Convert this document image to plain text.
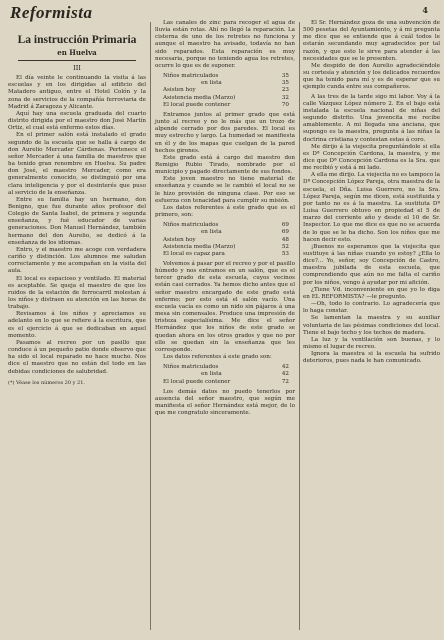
Reformista	4
La instrucción Primaria
en Huelva
III

El día veinte le continuando la visita á las escuelas y en los dirigidas al edificio del Matadero antiguo, entre el Hotel Colón y la zona de servicios de la compañía ferroviaria de Madrid á Zaragoza y Alicante.

Aquí hay una escuela graduada del cuarto distrito dirigida por el maestro don José Martín Ortiz, el cual está enfermo estos días.

En el primer salón está instalado el grado segundo de la escuela que se halla á cargo de don Aurelio Mercader Cárdenas. Pertenece el señor Mercader á una familia de maestros que ha tenido gran renombre en Huelva. Su padre don José, el maestro Mercader, como era generalmente conocido, se distinguió por una clara inteligencia y por el desinterés que puso al servicio de la enseñanza.

Entre su familia hay un hermano, don Benigno, que fue durante años profesor del Colegio de Santa Isabel, de primera y segunda enseñanza, y fué educador de varias generaciones. Don Manuel Hernández, también hermano del don Aurelio, se dedicó á la enseñanza de los idiomas.

Entro, y el maestro me acoge con verdadera cariño y distinción. Los alumnos me saludan correctamente y me acompañan en la visita del aula.

El local es espacioso y ventilado. El material es aceptable. Se queja el maestro de que los ruidos de la estación de ferrocarril molestan á los niños y distraen su atención en las horas de trabajo.

Revisamos á los niños y apreciamos su adelanto en lo que se refiere á la escritura, que es el ejercicio á que se dedicaban en aquel momento.

Pasamos al recreo por un pasillo que conduce á un pequeño patio donde observo que ha sido el local reparado no hace mucho. Nos dice el maestro que no están del todo en las debidas condiciones de salubridad.

(*) Véase los números 20 y 21.

Las canales de zinc para recoger el agua de lluvia están rotas. Ahí no llegó la reparación. La cisterna de uno de los retretes no funciona y aunque el maestro ha avisado, todavía no han sido reparados. Esta reparación es muy necesaria, porque no teniendo agua los retretes, ocurre lo que es de suponer.

Niños matriculados	35
en lista	35
Asisten hoy	23
Asistencia media (Marzo)	32
El local puede contener	70

Entramos juntos al primer grado que está junto al recreo y no le más que un trozo de alpende cerrado por dos paredes. El local es muy estrecho y largo. La humedad se manifiesta en él y de los mapas que cuelgan de la pared hechos girones.

Este grado está á cargo del maestro don Remigio Rubio Tirado, nombrado por el municipio y pagado directamente de sus fondos.

Este joven maestro no tiene material de enseñanza y cuando se le cambió el local no se le hizo provisión de ninguna clase. Por eso se esfuerza con tenacidad para cumplir su misión.

Los datos referentes á este grado que es el primero, son:

Niños matriculados	69
en lista	69
Asisten hoy	48
Asistencia media (Marzo)	52
El local es capaz para	53

Volvemos á pasar por el recreo y por el pasillo húmedo y nos entramos en un salón, que es el tercer grado de esta escuela, cuyos vecinos están casi cerrados. Ya hemos dicho antes que el señor maestro encargado de este grado está enfermo; por esto está el salón vacío. Una escuela vacía es como un nido sin pájaros á una mesa sin comensales. Produce una impresión de tristeza especialísima. Me dice el señor Hernández que los niños de este grado se quedan ahora en los otros grados y que no por ello se quedan sin la enseñanza que les corresponde.

Los datos referentes á este grado son:

Niños matriculados	42
en lista	42
El local puede contener	72

Los demás datos no puedo tenerlos por ausencia del señor maestro, que según me manifiesta el señor Hernández está mejor, de lo que me congratulo sinceramente.

El Sr. Hernández goza de una subvención de 500 pesetas del Ayuntamiento, y á mi pregunta me dice que se entiende que á cuál todos le estarán secundando muy agradecidos por tal razón, y que esto le sirve para atender á las necesidades que se le presenten.

Me despido de don Aurelio agradeciéndole su cortesía y atención y los delicados recuerdos que ha tenido para mí y es de esperar que su ejemplo cunda entre sus compañeros.

A las tres de la tarde sigo mi labor. Voy á la calle Vázquez López número 2. En el bajo está instalada la escuela nacional de niñas del segundo distrito. Una jovencita me recibe amablemente. A mi llegada una anciana, que supongo es la maestra, pregunta á las niñas la doctrina cristiana y contestan estas á coro.

Me dirijo á la viejecita preguntándole si ella es Dª Concepción Cardona, la maestra, y me dice que Dª Concepción Cardona es la Sra. que me recibió y está á mi lado.

A ella me dirijo. La viejecita no es tampoco la Dª Concepción López Pareja, otra maestra de la escuela, el Dña. Luisa Guerrero, no la Sra. López Pareja, según me dicen, está sustituida y por tanto no es á la maestra. La sustituta Dª Luisa Guerrero obtuvo en propiedad el 5 de marzo del corriente año y desde el 10 de Sr. Inspector. Lo que me dice es que no se acuerda de lo que se le ha dicho. Son los niños que me hacen decir esto.

¡Buenos no esperamos que la viejecita que sustituye á las niñas cuando yo estoy? ¿Ella lo dice?... Yo, señor, soy Concepción de Castro, maestra jubilada de esta escuela, que comprendiendo que aún no me falta el cariño por los niños, vengo á ayudar por mi afición.

¿Tiene Vd. inconveniente en que yo lo diga en EL REFORMISTA? —le pregunto.

—Oh, todo lo contrario. Lo agradecería que lo haga constar.

Se lamentan la maestra y su auxiliar voluntaria de las pésimas condiciones del local. Tiene el bajo techo y los techos de madera.

La luz y la ventilación son buenas, y lo mismo el lugar de recreo.

Ignora la maestra si la escuela ha sufrido deterioros, pues nada le han comunicado.
